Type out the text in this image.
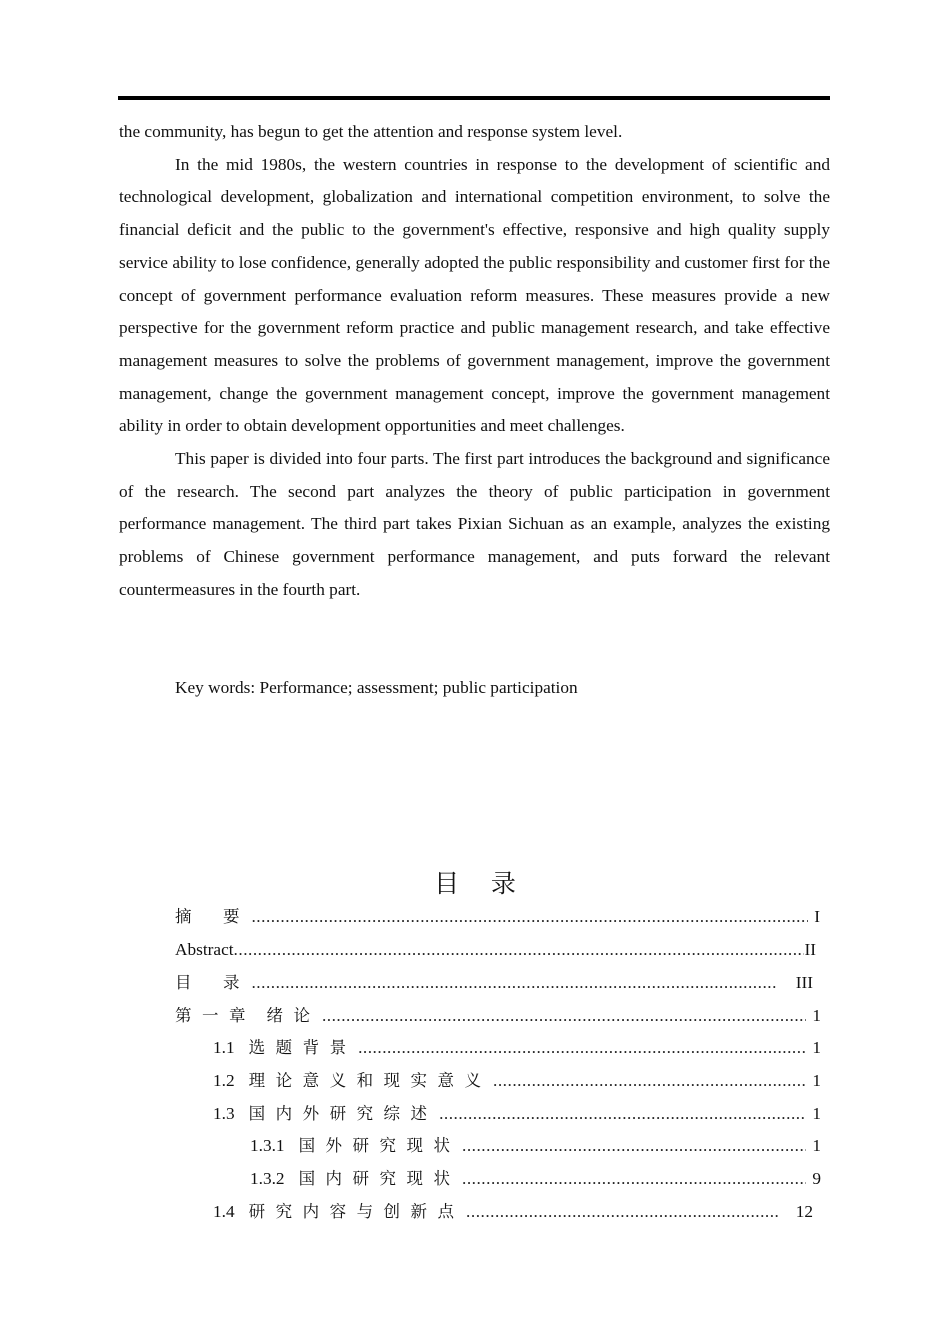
the community, has begun to get the attention and response system level.

In the mid 1980s, the western countries in response to the development of scientific and technological development, globalization and international competition environment, to solve the financial deficit and the public to the government's effective, responsive and high quality supply service ability to lose confidence, generally adopted the public responsibility and customer first for the concept of government performance evaluation reform measures. These measures provide a new perspective for the government reform practice and public management research, and take effective management measures to solve the problems of government management, improve the government management, change the government management concept, improve the government management ability in order to obtain development opportunities and meet challenges.

This paper is divided into four parts. The first part introduces the background and significance of the research. The second part analyzes the theory of public participation in government performance management. The third part takes Pixian Sichuan as an example, analyzes the existing problems of Chinese government performance management, and puts forward the relevant countermeasures in the fourth part.

Key words: Performance; assessment; public participation
目    录
摘      要 .....	I
Abstract .....	II
目      录 .....	III
第  一  章    绪  论 .....	1
1.1 选  题  背  景 .....	1
1.2 理  论  意  义  和  现  实  意  义 .....	1
1.3 国  内  外  研  究  综  述 .....	1
1.3.1 国  外  研  究  现  状 .....	1
1.3.2 国  内  研  究  现  状 .....	9
1.4 研  究  内  容  与  创  新  点 .....	12
